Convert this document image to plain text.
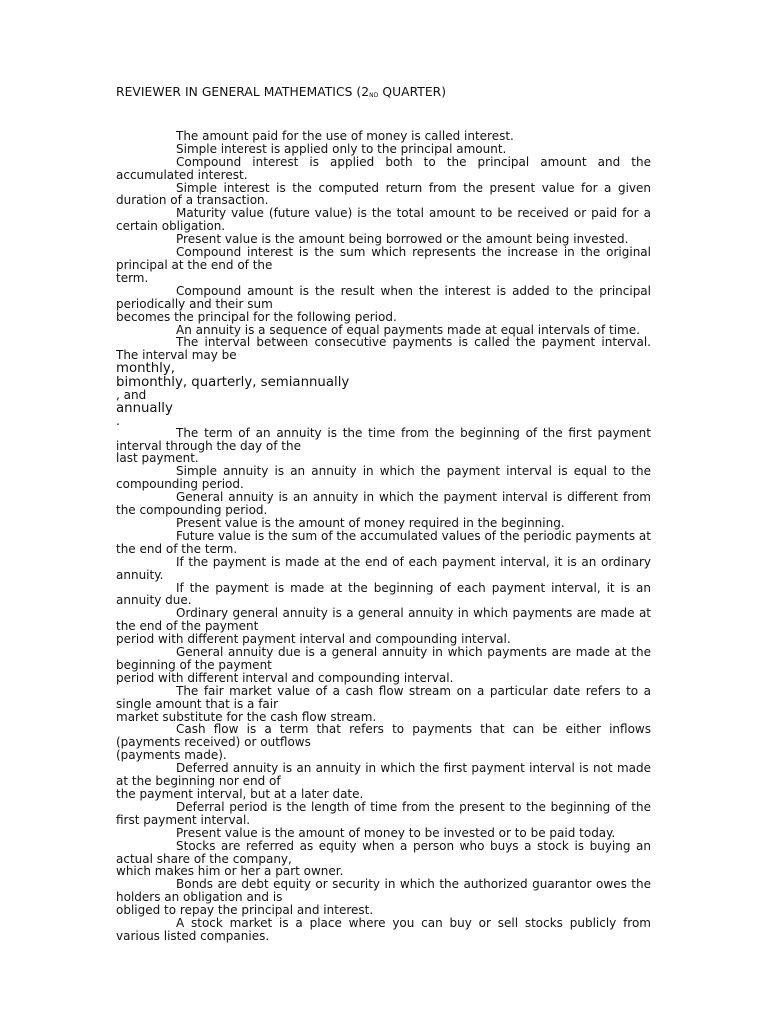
REVIEWER IN GENERAL MATHEMATICS ($2_{ND}$ QUARTER)
The amount paid for the use of money is called interest.
Simple interest is applied only to the principal amount.
Compound interest is applied both to the principal amount and the accumulated interest.
Simple interest is the computed return from the present value for a given duration of a transaction.
Maturity value (future value) is the total amount to be received or paid for a certain obligation.
Present value is the amount being borrowed or the amount being invested.
Compound interest is the sum which represents the increase in the original principal at the end of the
term.
Compound amount is the result when the interest is added to the principal periodically and their sum
becomes the principal for the following period.
An annuity is a sequence of equal payments made at equal intervals of time.
The interval between consecutive payments is called the payment interval. The interval may be
monthly,
bimonthly, quarterly, semiannually
, and
annually
.
The term of an annuity is the time from the beginning of the first payment interval through the day of the
last payment.
Simple annuity is an annuity in which the payment interval is equal to the compounding period.
General annuity is an annuity in which the payment interval is different from the compounding period.
Present value is the amount of money required in the beginning.
Future value is the sum of the accumulated values of the periodic payments at the end of the term.
If the payment is made at the end of each payment interval, it is an ordinary annuity.
If the payment is made at the beginning of each payment interval, it is an annuity due.
Ordinary general annuity is a general annuity in which payments are made at the end of the payment
period with different payment interval and compounding interval.
General annuity due is a general annuity in which payments are made at the beginning of the payment
period with different interval and compounding interval.
The fair market value of a cash flow stream on a particular date refers to a single amount that is a fair
market substitute for the cash flow stream.
Cash flow is a term that refers to payments that can be either inflows (payments received) or outflows
(payments made).
Deferred annuity is an annuity in which the first payment interval is not made at the beginning nor end of
the payment interval, but at a later date.
Deferral period is the length of time from the present to the beginning of the first payment interval.
Present value is the amount of money to be invested or to be paid today.
Stocks are referred as equity when a person who buys a stock is buying an actual share of the company,
which makes him or her a part owner.
Bonds are debt equity or security in which the authorized guarantor owes the holders an obligation and is
obliged to repay the principal and interest.
A stock market is a place where you can buy or sell stocks publicly from various listed companies.
